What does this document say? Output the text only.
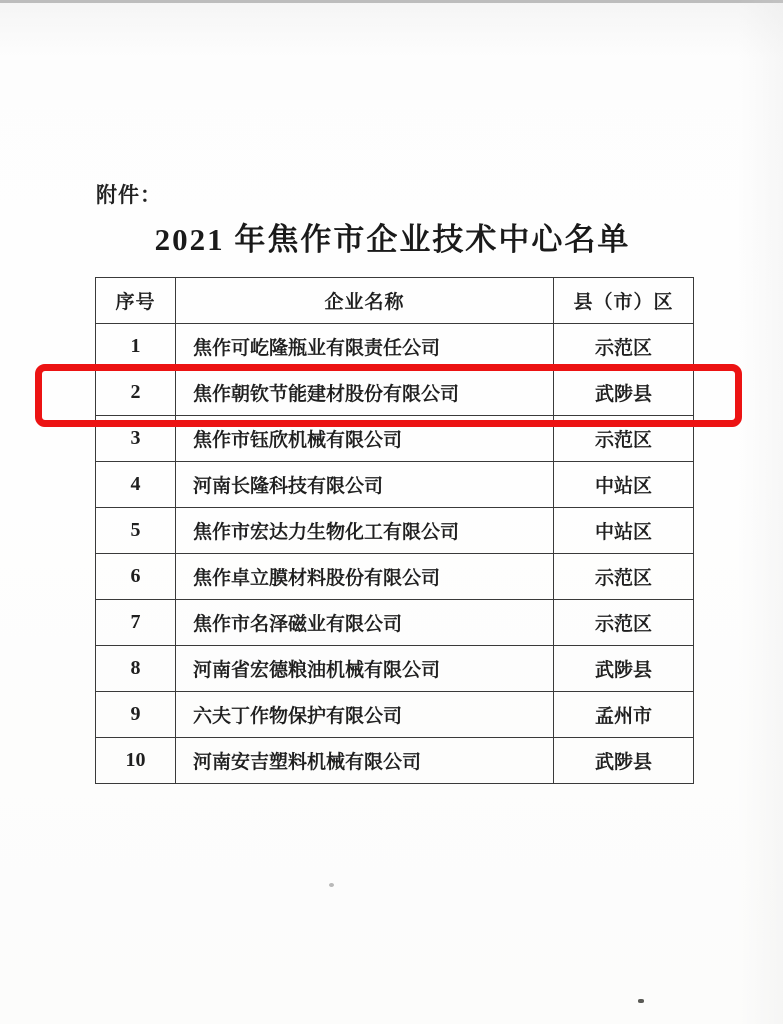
附件：
2021 年焦作市企业技术中心名单
序号	企业名称	县（市）区
1	焦作可屹隆瓶业有限责任公司	示范区
2	焦作朝钦节能建材股份有限公司	武陟县
3	焦作市钰欣机械有限公司	示范区
4	河南长隆科技有限公司	中站区
5	焦作市宏达力生物化工有限公司	中站区
6	焦作卓立膜材料股份有限公司	示范区
7	焦作市名泽磁业有限公司	示范区
8	河南省宏德粮油机械有限公司	武陟县
9	六夫丁作物保护有限公司	孟州市
10	河南安吉塑料机械有限公司	武陟县
